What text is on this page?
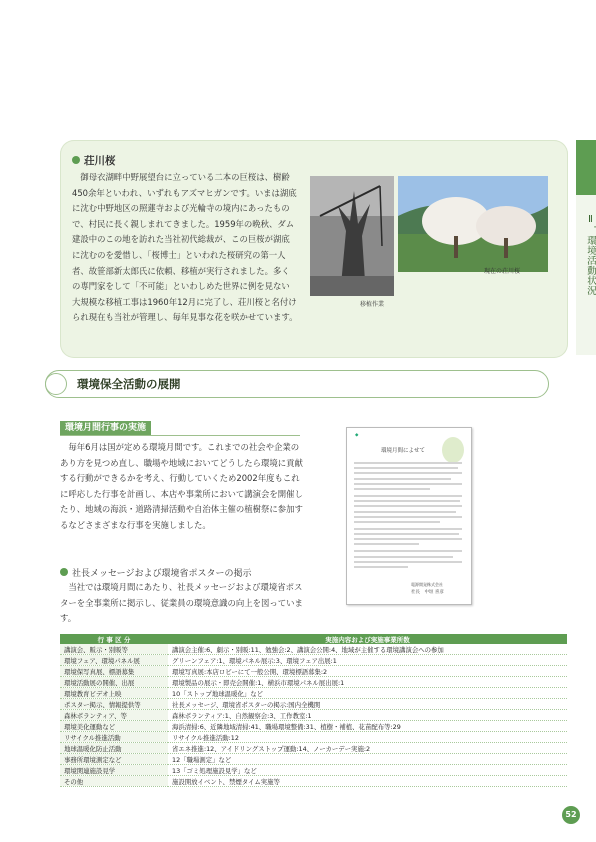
Ⅱ．環境活動状況
荘川桜

御母衣湖畔中野展望台に立っている二本の巨桜は、樹齢450余年といわれ、いずれもアズマヒガンです。いまは湖底に沈む中野地区の照蓮寺および光輪寺の境内にあったもので、村民に長く親しまれてきました。1959年の晩秋、ダム建設中のこの地を訪れた当社初代総裁が、この巨桜が湖底に沈むのを愛惜し、「桜博士」といわれた桜研究の第一人者、故笹部新太郎氏に依頼、移植が実行されました。多くの専門家をして「不可能」といわしめた世界に例を見ない大規模な移植工事は1960年12月に完了し、荘川桜と名付けられ現在も当社が管理し、毎年見事な花を咲かせています。

移植作業
現在の荘川桜
環境保全活動の展開
環境月間行事の実施

毎年6月は国が定める環境月間です。これまでの社会や企業のあり方を見つめ直し、職場や地域においてどうしたら環境に貢献する行動ができるかを考え、行動していくため2002年度もこれに呼応した行事を計画し、本店や事業所において講演会を開催したり、地域の海浜・道路清掃活動や自治体主催の植樹祭に参加するなどさまざまな行事を実施しました。

社長メッセージおよび環境省ポスターの掲示

当社では環境月間にあたり、社長メッセージおよび環境省ポスターを全事業所に掲示し、従業員の環境意識の向上を図っています。

◆
環境月間によせて
電源開発株式会社
社長　中垣 喜彦
行 事 区 分	実施内容および実施事業所数
講演会、販示・別販等	講演会主催:6、劇示・別販:11、勉強会:2、講演会公開:4、地域が主催する環境講演会への参加
環境フェア、環境パネル展	グリーンフェア:1、環境パネル展示:3、環境フェア出展:1
環境保写真展、標語募集	環境写真展:本店ロビーにて一般公開、環境標語募集:2
環境活動展の開催、出展	環境製品の展示・即売会開催:1、横浜市環境パネル展出展:1
環境教育ビデオ上映	10「ストップ地球温暖化」など
ポスター掲示、情報提供等	社長メッセージ、環境省ポスターの掲示:国内全機関
森林ボランティア、等	森林ボランティア:1、自然観察会:3、工作教室:1
環境美化運動など	海浜清掃:6、近隣地域清掃:41、職場環境整備:31、植樹・補植、花苗配布等:29
リサイクル推進活動	リサイクル推進活動:12
地球温暖化防止活動	省エネ推進:12、アイドリングストップ運動:14、ノーカーデー実施:2
事務所環境測定など	12「職場測定」など
環境関連施設見学	13「ゴミ処理施設見学」など
その他	施設開放イベント、禁煙タイム実施等
52
